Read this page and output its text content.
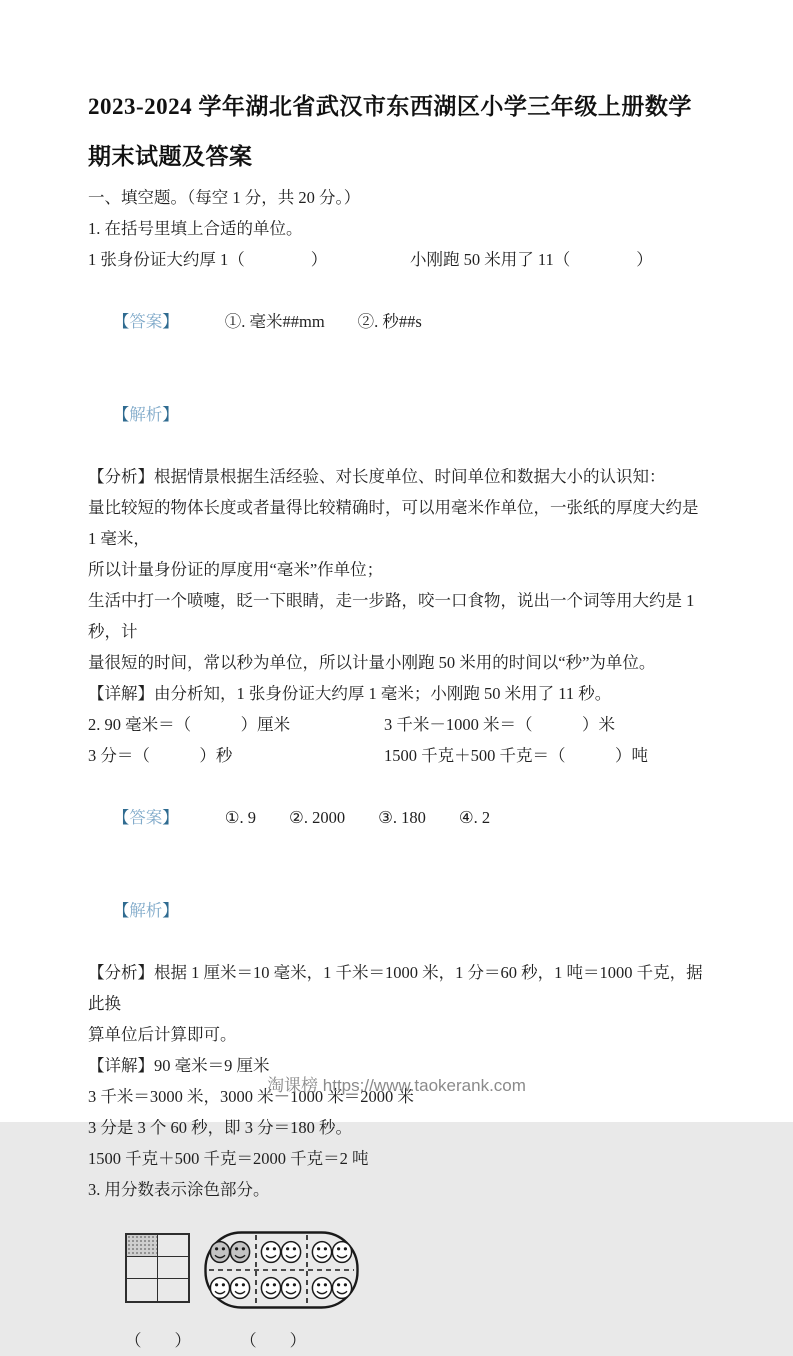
2023-2024 学年湖北省武汉市东西湖区小学三年级上册数学
期末试题及答案

一、填空题。（每空 1 分，共 20 分。）

1. 在括号里填上合适的单位。

1 张身份证大约厚 1（　　　　）	小刚跑 50 米用了 11（　　　　）

【答案】	①. 毫米##mm　　②. 秒##s

【解析】

【分析】根据情景根据生活经验、对长度单位、时间单位和数据大小的认识知：

量比较短的物体长度或者量得比较精确时，可以用毫米作单位，一张纸的厚度大约是 1 毫米，

所以计量身份证的厚度用“毫米”作单位；

生活中打一个喷嚏，眨一下眼睛，走一步路，咬一口食物，说出一个词等用大约是 1 秒，计

量很短的时间，常以秒为单位，所以计量小刚跑 50 米用的时间以“秒”为单位。

【详解】由分析知，1 张身份证大约厚 1 毫米；小刚跑 50 米用了 11 秒。

2. 90 毫米＝（　　　）厘米	3 千米－1000 米＝（　　　）米

3 分＝（　　　）秒	1500 千克＋500 千克＝（　　　）吨

【答案】	①. 9　　②. 2000　　③. 180　　④. 2

【解析】

【分析】根据 1 厘米＝10 毫米，1 千米＝1000 米，1 分＝60 秒，1 吨＝1000 千克，据此换

算单位后计算即可。

【详解】90 毫米＝9 厘米

3 千米＝3000 米，3000 米－1000 米＝2000 米

3 分是 3 个 60 秒，即 3 分＝180 秒。

1500 千克＋500 千克＝2000 千克＝2 吨

3. 用分数表示涂色部分。

（　　）	（　　）

淘课榜 https://www.taokerank.com
